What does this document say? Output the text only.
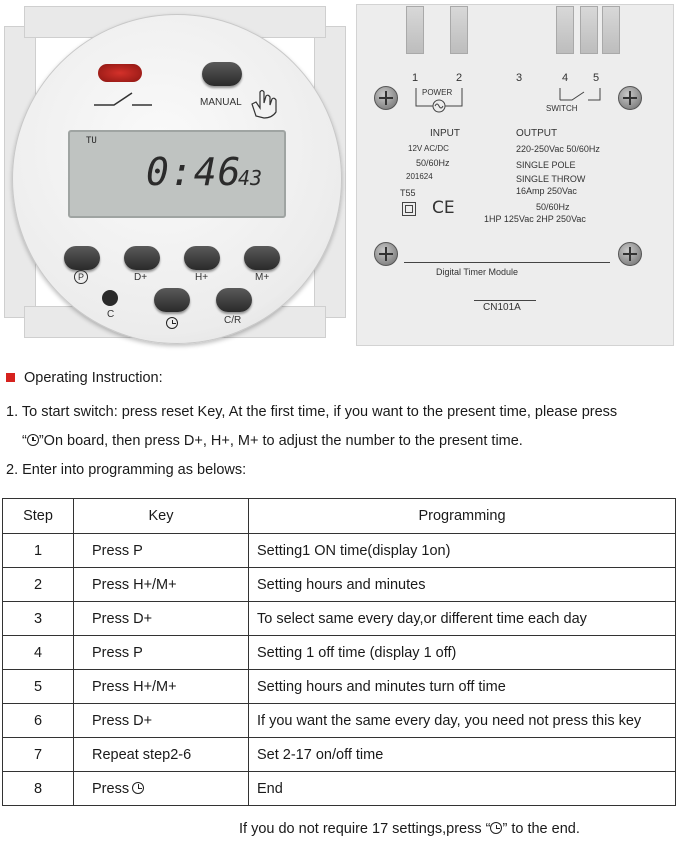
MANUAL
TU
0:46
43
P	D+	H+	M+
C
C/R
1	2	3	4 5
POWER
SWITCH
INPUT
12V AC/DC
50/60Hz
201624
T55
CE
OUTPUT
220-250Vac 50/60Hz
SINGLE POLE
SINGLE THROW
16Amp 250Vac
50/60Hz
1HP 125Vac 2HP 250Vac
Digital Timer Module
CN101A
Operating Instruction:
1. To start switch: press reset Key, At the first time, if you want to the present time, please press
“ ”On board, then press D+, H+, M+ to adjust the number to the present time.
2. Enter into programming as belows:
Step	Key	Programming
1	Press P	Setting1 ON time(display 1on)
2	Press H+/M+	Setting hours and minutes
3	Press D+	To select same every day,or different time each day
4	Press P	Setting 1 off time (display 1 off)
5	Press H+/M+	Setting hours and minutes turn off time
6	Press D+	If you want the same every day, you need not press this key
7	Repeat step2-6	Set 2-17 on/off time
8	Press	End
If you do not require 17 settings,press “ ” to the end.
